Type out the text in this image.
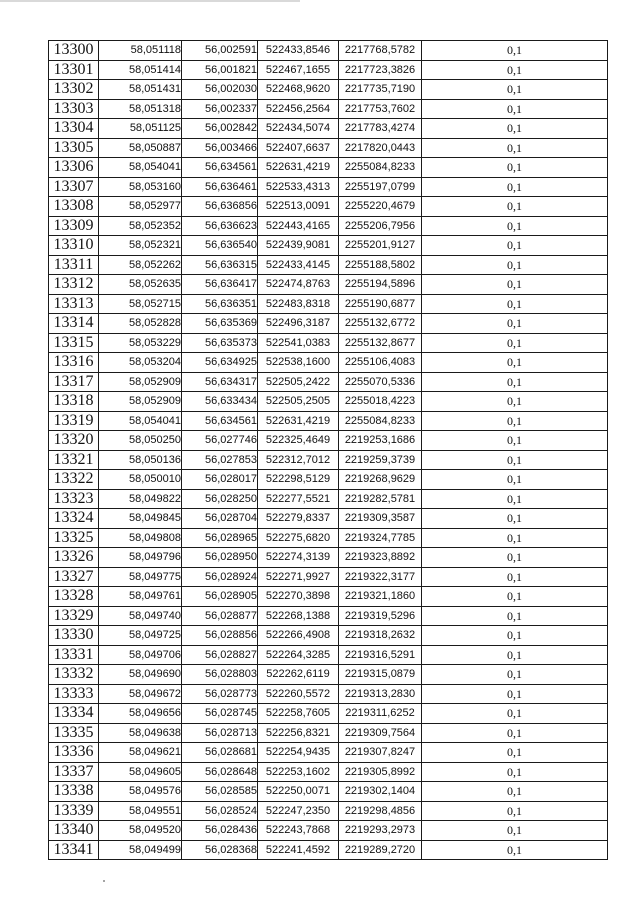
13300	58,051118	56,002591	522433,8546	2217768,5782	0,1
13301	58,051414	56,001821	522467,1655	2217723,3826	0,1
13302	58,051431	56,002030	522468,9620	2217735,7190	0,1
13303	58,051318	56,002337	522456,2564	2217753,7602	0,1
13304	58,051125	56,002842	522434,5074	2217783,4274	0,1
13305	58,050887	56,003466	522407,6637	2217820,0443	0,1
13306	58,054041	56,634561	522631,4219	2255084,8233	0,1
13307	58,053160	56,636461	522533,4313	2255197,0799	0,1
13308	58,052977	56,636856	522513,0091	2255220,4679	0,1
13309	58,052352	56,636623	522443,4165	2255206,7956	0,1
13310	58,052321	56,636540	522439,9081	2255201,9127	0,1
13311	58,052262	56,636315	522433,4145	2255188,5802	0,1
13312	58,052635	56,636417	522474,8763	2255194,5896	0,1
13313	58,052715	56,636351	522483,8318	2255190,6877	0,1
13314	58,052828	56,635369	522496,3187	2255132,6772	0,1
13315	58,053229	56,635373	522541,0383	2255132,8677	0,1
13316	58,053204	56,634925	522538,1600	2255106,4083	0,1
13317	58,052909	56,634317	522505,2422	2255070,5336	0,1
13318	58,052909	56,633434	522505,2505	2255018,4223	0,1
13319	58,054041	56,634561	522631,4219	2255084,8233	0,1
13320	58,050250	56,027746	522325,4649	2219253,1686	0,1
13321	58,050136	56,027853	522312,7012	2219259,3739	0,1
13322	58,050010	56,028017	522298,5129	2219268,9629	0,1
13323	58,049822	56,028250	522277,5521	2219282,5781	0,1
13324	58,049845	56,028704	522279,8337	2219309,3587	0,1
13325	58,049808	56,028965	522275,6820	2219324,7785	0,1
13326	58,049796	56,028950	522274,3139	2219323,8892	0,1
13327	58,049775	56,028924	522271,9927	2219322,3177	0,1
13328	58,049761	56,028905	522270,3898	2219321,1860	0,1
13329	58,049740	56,028877	522268,1388	2219319,5296	0,1
13330	58,049725	56,028856	522266,4908	2219318,2632	0,1
13331	58,049706	56,028827	522264,3285	2219316,5291	0,1
13332	58,049690	56,028803	522262,6119	2219315,0879	0,1
13333	58,049672	56,028773	522260,5572	2219313,2830	0,1
13334	58,049656	56,028745	522258,7605	2219311,6252	0,1
13335	58,049638	56,028713	522256,8321	2219309,7564	0,1
13336	58,049621	56,028681	522254,9435	2219307,8247	0,1
13337	58,049605	56,028648	522253,1602	2219305,8992	0,1
13338	58,049576	56,028585	522250,0071	2219302,1404	0,1
13339	58,049551	56,028524	522247,2350	2219298,4856	0,1
13340	58,049520	56,028436	522243,7868	2219293,2973	0,1
13341	58,049499	56,028368	522241,4592	2219289,2720	0,1
